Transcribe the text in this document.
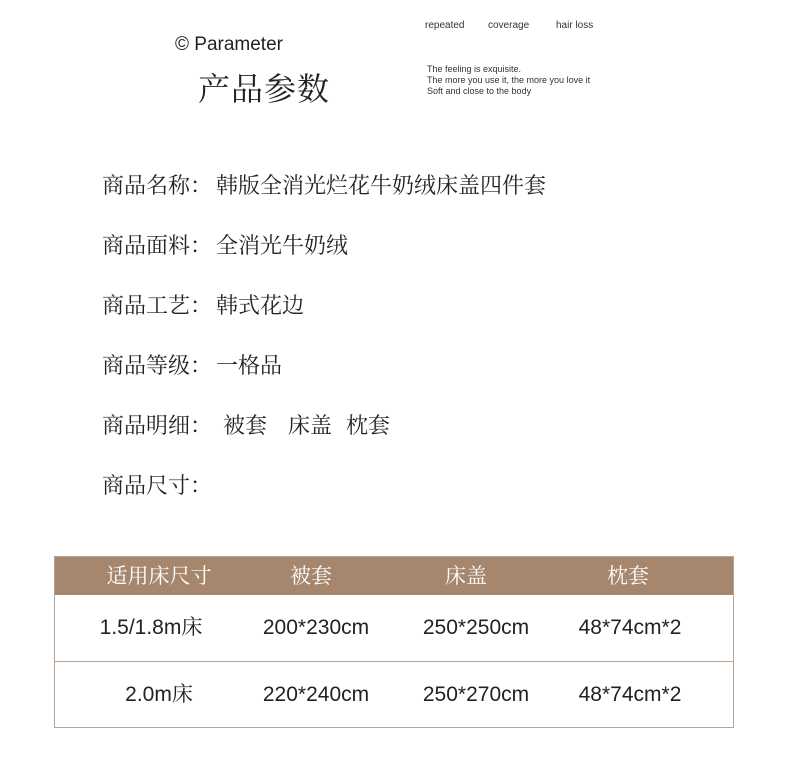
© Parameter
产品参数
repeated coverage	hair loss
The feeling is exquisite.
The more you use it, the more you love it
Soft and close to the body
商品名称： 韩版全消光烂花牛奶绒床盖四件套
商品面料： 全消光牛奶绒
商品工艺： 韩式花边
商品等级： 一格品
商品明细： 被套   床盖  枕套
商品尺寸：
适用床尺寸	被套	床盖	枕套
1.5/1.8m床	200*230cm	250*250cm 48*74cm*2
2.0m床	220*240cm	250*270cm 48*74cm*2
